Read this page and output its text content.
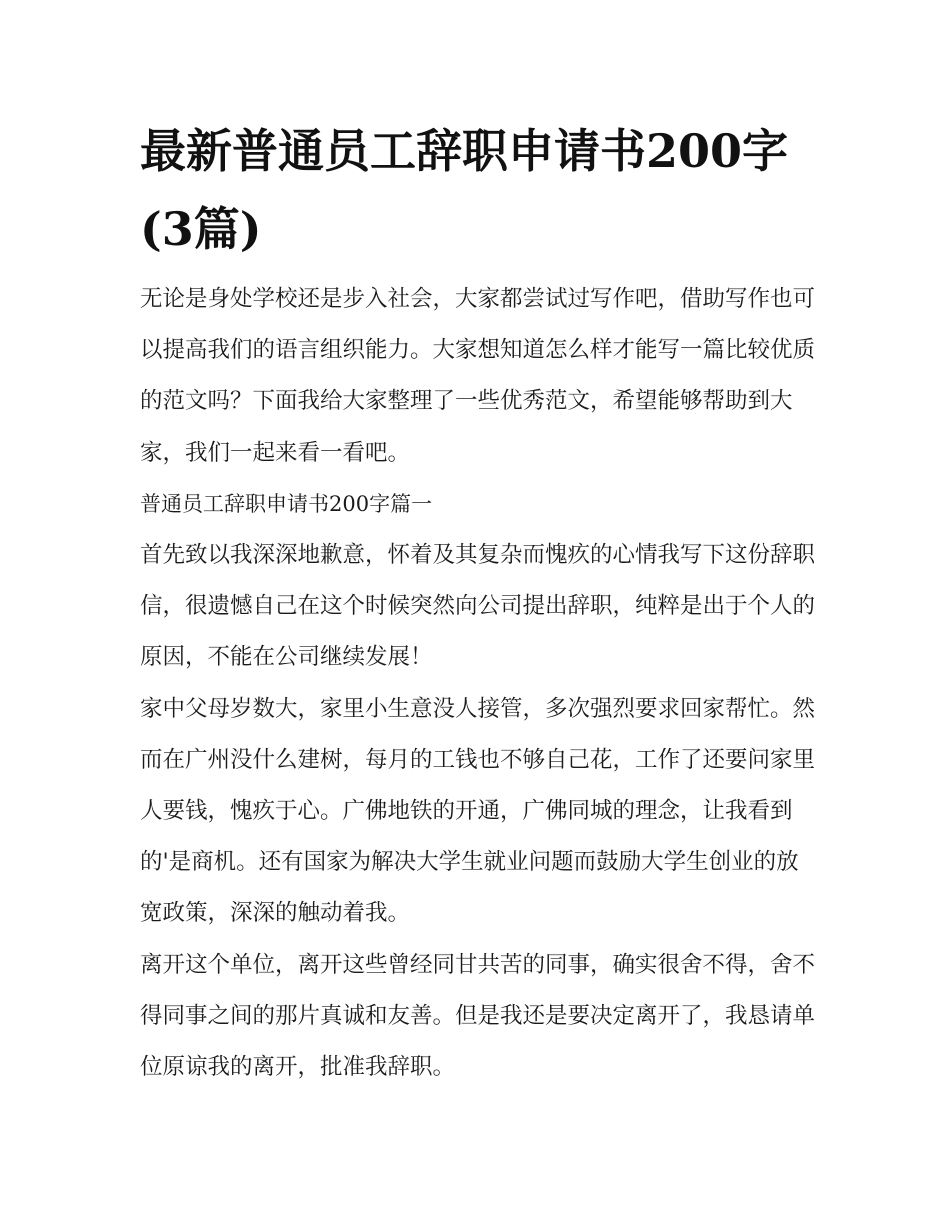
最新普通员工辞职申请书200字(3篇)

无论是身处学校还是步入社会，大家都尝试过写作吧，借助写作也可以提高我们的语言组织能力。大家想知道怎么样才能写一篇比较优质的范文吗？下面我给大家整理了一些优秀范文，希望能够帮助到大家，我们一起来看一看吧。

普通员工辞职申请书200字篇一

首先致以我深深地歉意，怀着及其复杂而愧疚的心情我写下这份辞职信，很遗憾自己在这个时候突然向公司提出辞职，纯粹是出于个人的原因，不能在公司继续发展！

家中父母岁数大，家里小生意没人接管，多次强烈要求回家帮忙。然而在广州没什么建树，每月的工钱也不够自己花，工作了还要问家里人要钱，愧疚于心。广佛地铁的开通，广佛同城的理念，让我看到的'是商机。还有国家为解决大学生就业问题而鼓励大学生创业的放宽政策，深深的触动着我。

离开这个单位，离开这些曾经同甘共苦的同事，确实很舍不得，舍不得同事之间的那片真诚和友善。但是我还是要决定离开了，我恳请单位原谅我的离开，批准我辞职。
